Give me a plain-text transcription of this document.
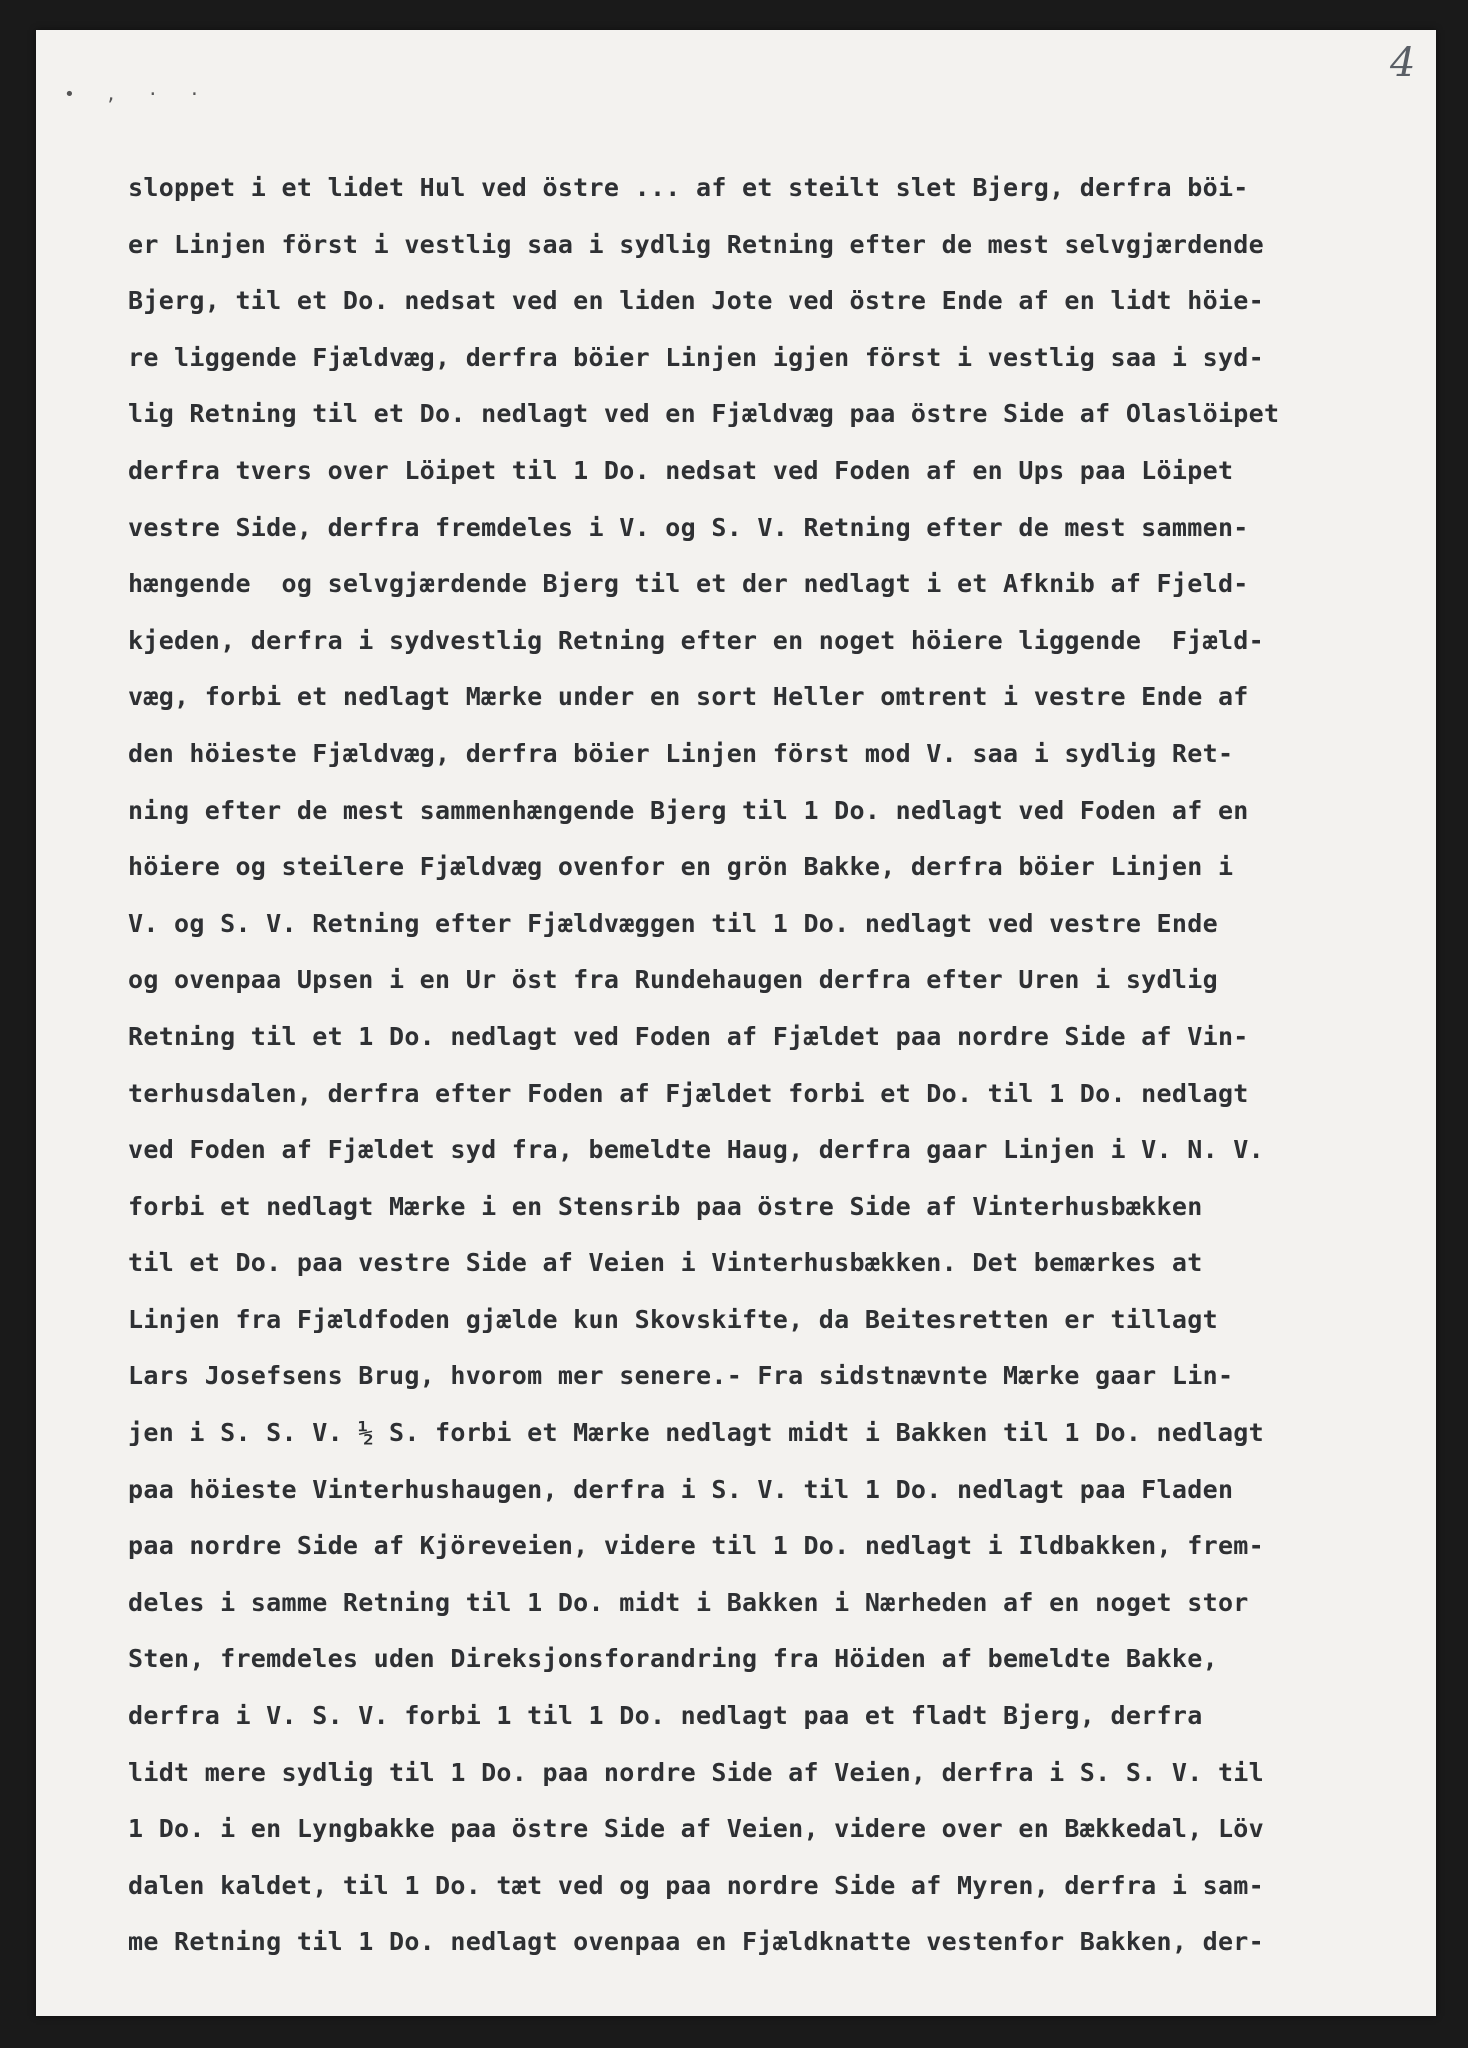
• , · ·
4
sloppet i et lidet Hul ved östre ... af et steilt slet Bjerg, derfra böi-
er Linjen först i vestlig saa i sydlig Retning efter de mest selvgjærdende
Bjerg, til et Do. nedsat ved en liden Jote ved östre Ende af en lidt höie-
re liggende Fjældvæg, derfra böier Linjen igjen först i vestlig saa i syd-
lig Retning til et Do. nedlagt ved en Fjældvæg paa östre Side af Olaslöipet
derfra tvers over Löipet til 1 Do. nedsat ved Foden af en Ups paa Löipet
vestre Side, derfra fremdeles i V. og S. V. Retning efter de mest sammen-
hængende  og selvgjærdende Bjerg til et der nedlagt i et Afknib af Fjeld-
kjeden, derfra i sydvestlig Retning efter en noget höiere liggende  Fjæld-
væg, forbi et nedlagt Mærke under en sort Heller omtrent i vestre Ende af
den höieste Fjældvæg, derfra böier Linjen först mod V. saa i sydlig Ret-
ning efter de mest sammenhængende Bjerg til 1 Do. nedlagt ved Foden af en
höiere og steilere Fjældvæg ovenfor en grön Bakke, derfra böier Linjen i
V. og S. V. Retning efter Fjældvæggen til 1 Do. nedlagt ved vestre Ende
og ovenpaa Upsen i en Ur öst fra Rundehaugen derfra efter Uren i sydlig
Retning til et 1 Do. nedlagt ved Foden af Fjældet paa nordre Side af Vin-
terhusdalen, derfra efter Foden af Fjældet forbi et Do. til 1 Do. nedlagt
ved Foden af Fjældet syd fra, bemeldte Haug, derfra gaar Linjen i V. N. V.
forbi et nedlagt Mærke i en Stensrib paa östre Side af Vinterhusbækken
til et Do. paa vestre Side af Veien i Vinterhusbækken. Det bemærkes at
Linjen fra Fjældfoden gjælde kun Skovskifte, da Beitesretten er tillagt
Lars Josefsens Brug, hvorom mer senere.- Fra sidstnævnte Mærke gaar Lin-
jen i S. S. V. ½ S. forbi et Mærke nedlagt midt i Bakken til 1 Do. nedlagt
paa höieste Vinterhushaugen, derfra i S. V. til 1 Do. nedlagt paa Fladen
paa nordre Side af Kjöreveien, videre til 1 Do. nedlagt i Ildbakken, frem-
deles i samme Retning til 1 Do. midt i Bakken i Nærheden af en noget stor
Sten, fremdeles uden Direksjonsforandring fra Höiden af bemeldte Bakke,
derfra i V. S. V. forbi 1 til 1 Do. nedlagt paa et fladt Bjerg, derfra
lidt mere sydlig til 1 Do. paa nordre Side af Veien, derfra i S. S. V. til
1 Do. i en Lyngbakke paa östre Side af Veien, videre over en Bækkedal, Löv
dalen kaldet, til 1 Do. tæt ved og paa nordre Side af Myren, derfra i sam-
me Retning til 1 Do. nedlagt ovenpaa en Fjældknatte vestenfor Bakken, der-
